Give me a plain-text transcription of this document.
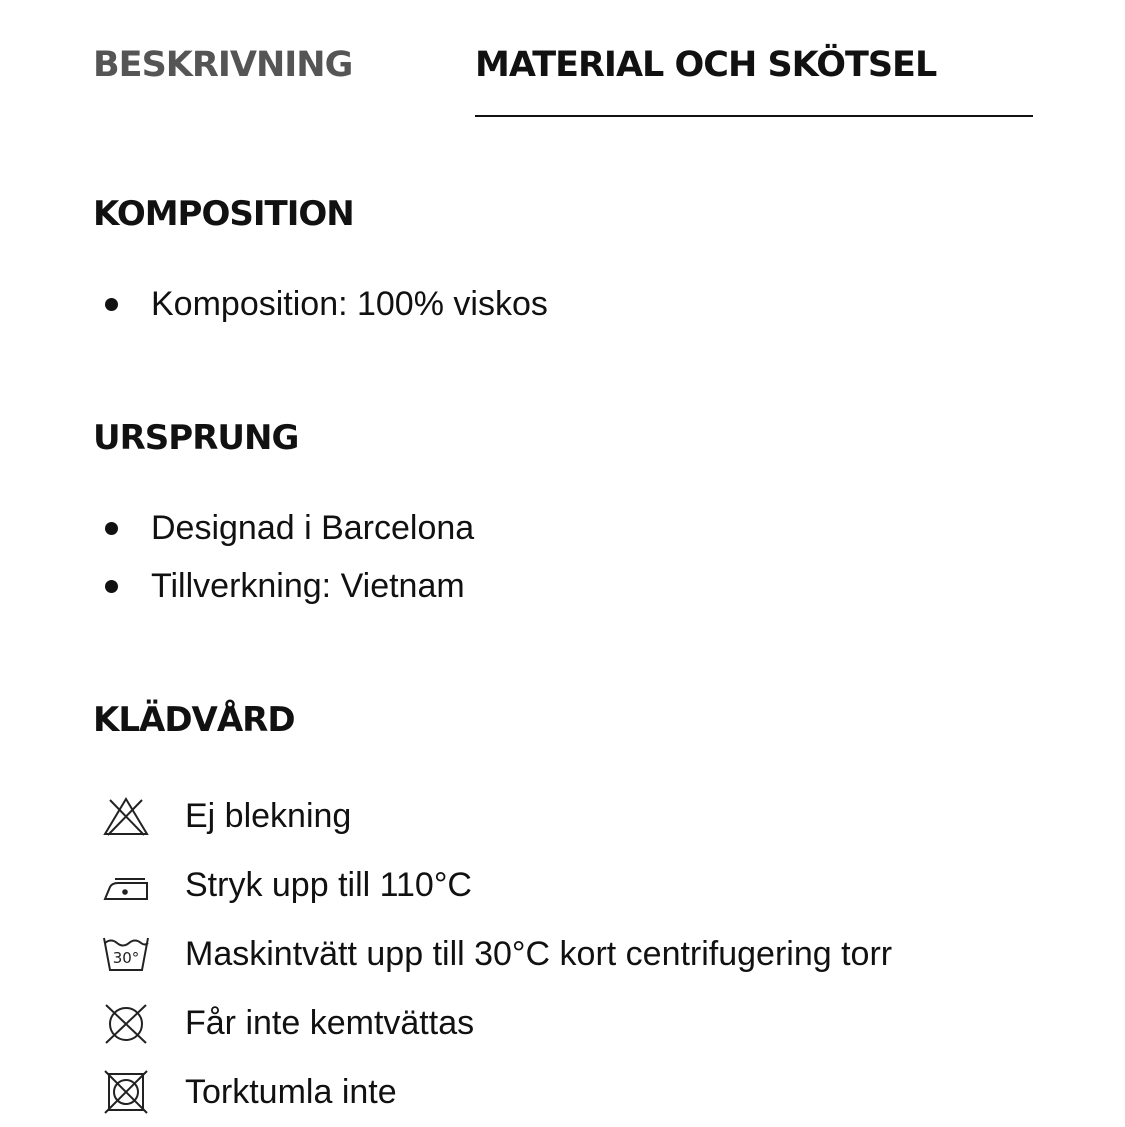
BESKRIVNING	MATERIAL OCH SKÖTSEL
KOMPOSITION
Komposition: 100% viskos
URSPRUNG
Designad i Barcelona
Tillverkning: Vietnam
KLÄDVÅRD
Ej blekning
Stryk upp till 110°C
30° Maskintvätt upp till 30°C kort centrifugering torr
Får inte kemtvättas
Torktumla inte
